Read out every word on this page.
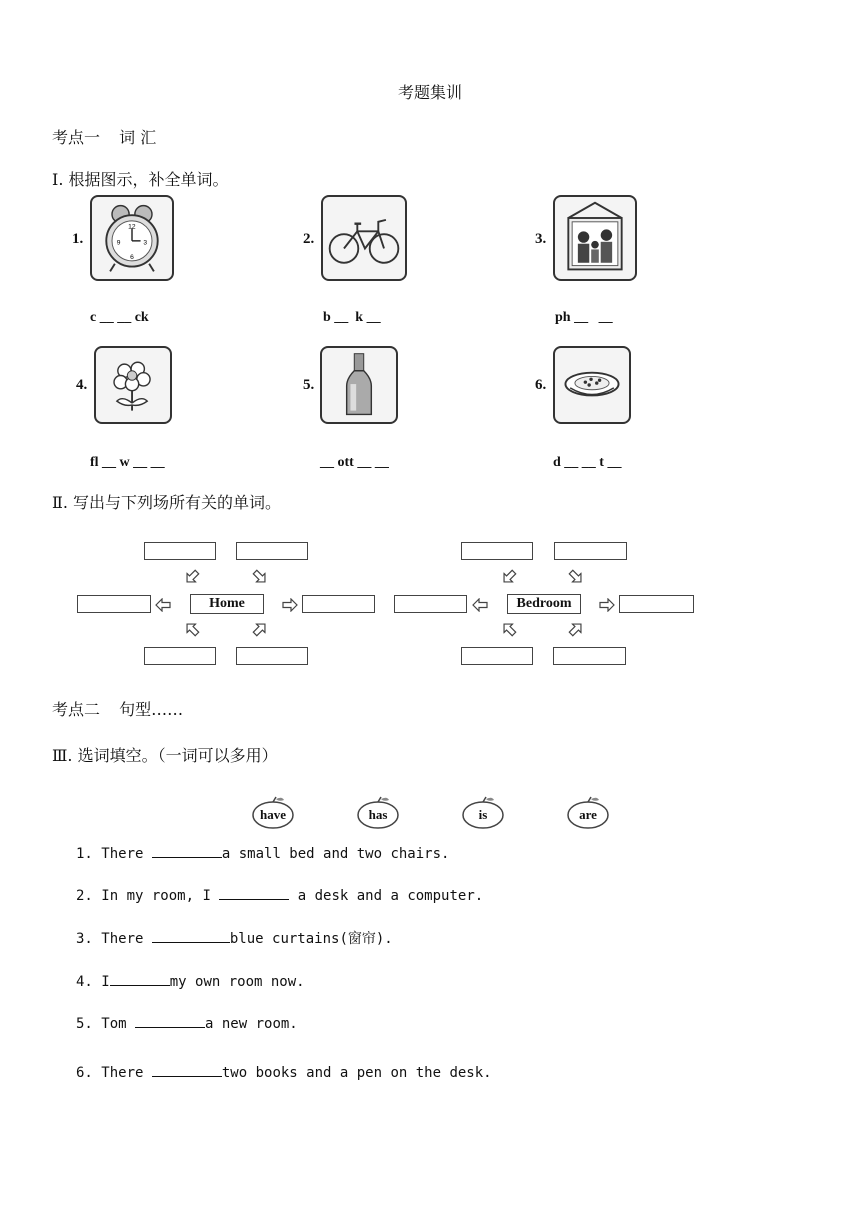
考题集训
考点一 词 汇
Ⅰ. 根据图示，补全单词。
1.
12
9	3
6
c __ __ ck
2.
b __  k __
3.
ph __   __
4.
fl __ w __ __
5.
__ ott __ __
6.
d __ __ t __
Ⅱ. 写出与下列场所有关的单词。
Home	Bedroom
考点二 句型……
Ⅲ. 选词填空。（一词可以多用）
have	has	is	are
1. There	a small bed and two chairs.
2. In my room, I	a desk and a computer.
3. There	blue curtains(窗帘).
4. I	my own room now.
5. Tom	a new room.
6. There	two books and a pen on the desk.
